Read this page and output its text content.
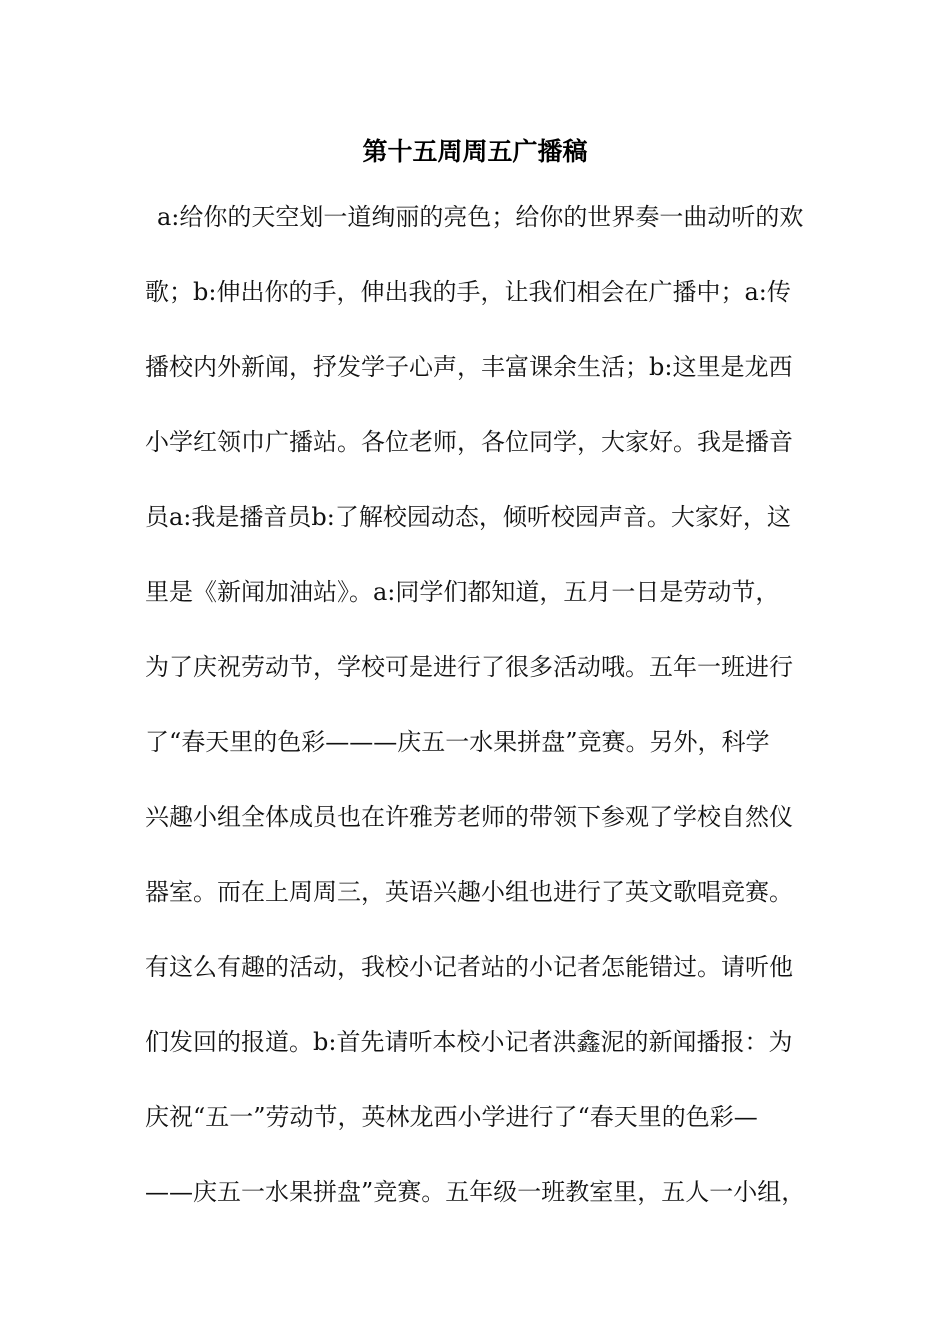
第十五周周五广播稿
a:给你的天空划一道绚丽的亮色；给你的世界奏一曲动听的欢
歌；b:伸出你的手，伸出我的手，让我们相会在广播中；a:传
播校内外新闻，抒发学子心声，丰富课余生活；b:这里是龙西
小学红领巾广播站。各位老师，各位同学，大家好。我是播音
员a:我是播音员b:了解校园动态，倾听校园声音。大家好，这
里是《新闻加油站》。a:同学们都知道，五月一日是劳动节，
为了庆祝劳动节，学校可是进行了很多活动哦。五年一班进行
了“春天里的色彩———庆五一水果拼盘”竞赛。另外，科学
兴趣小组全体成员也在许雅芳老师的带领下参观了学校自然仪
器室。而在上周周三，英语兴趣小组也进行了英文歌唱竞赛。
有这么有趣的活动，我校小记者站的小记者怎能错过。请听他
们发回的报道。b:首先请听本校小记者洪鑫泥的新闻播报：为
庆祝“五一”劳动节，英林龙西小学进行了“春天里的色彩—
——庆五一水果拼盘”竞赛。五年级一班教室里，五人一小组，
